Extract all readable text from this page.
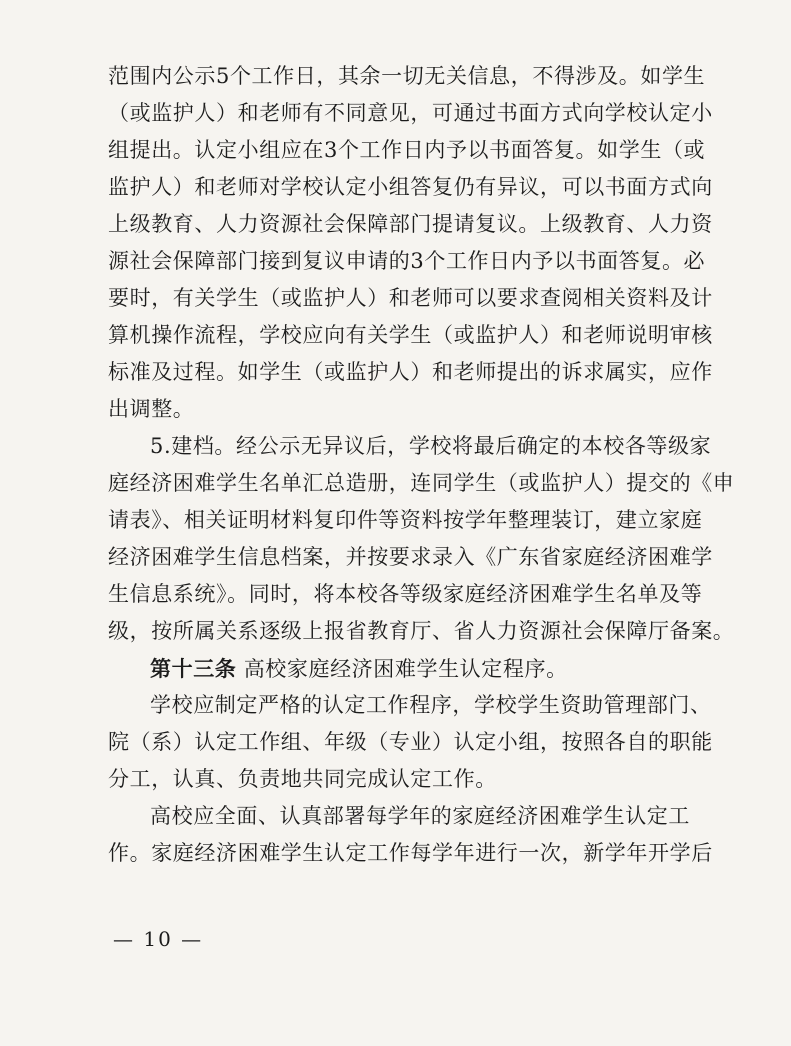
范围内公示5个工作日，其余一切无关信息，不得涉及。如学生
（或监护人）和老师有不同意见，可通过书面方式向学校认定小
组提出。认定小组应在3个工作日内予以书面答复。如学生（或
监护人）和老师对学校认定小组答复仍有异议，可以书面方式向
上级教育、人力资源社会保障部门提请复议。上级教育、人力资
源社会保障部门接到复议申请的3个工作日内予以书面答复。必
要时，有关学生（或监护人）和老师可以要求查阅相关资料及计
算机操作流程，学校应向有关学生（或监护人）和老师说明审核
标准及过程。如学生（或监护人）和老师提出的诉求属实，应作
出调整。
5.建档。经公示无异议后，学校将最后确定的本校各等级家
庭经济困难学生名单汇总造册，连同学生（或监护人）提交的《申
请表》、相关证明材料复印件等资料按学年整理装订，建立家庭
经济困难学生信息档案，并按要求录入《广东省家庭经济困难学
生信息系统》。同时，将本校各等级家庭经济困难学生名单及等
级，按所属关系逐级上报省教育厅、省人力资源社会保障厅备案。
第十三条 高校家庭经济困难学生认定程序。
学校应制定严格的认定工作程序，学校学生资助管理部门、
院（系）认定工作组、年级（专业）认定小组，按照各自的职能
分工，认真、负责地共同完成认定工作。
高校应全面、认真部署每学年的家庭经济困难学生认定工
作。家庭经济困难学生认定工作每学年进行一次，新学年开学后
— 10 —
